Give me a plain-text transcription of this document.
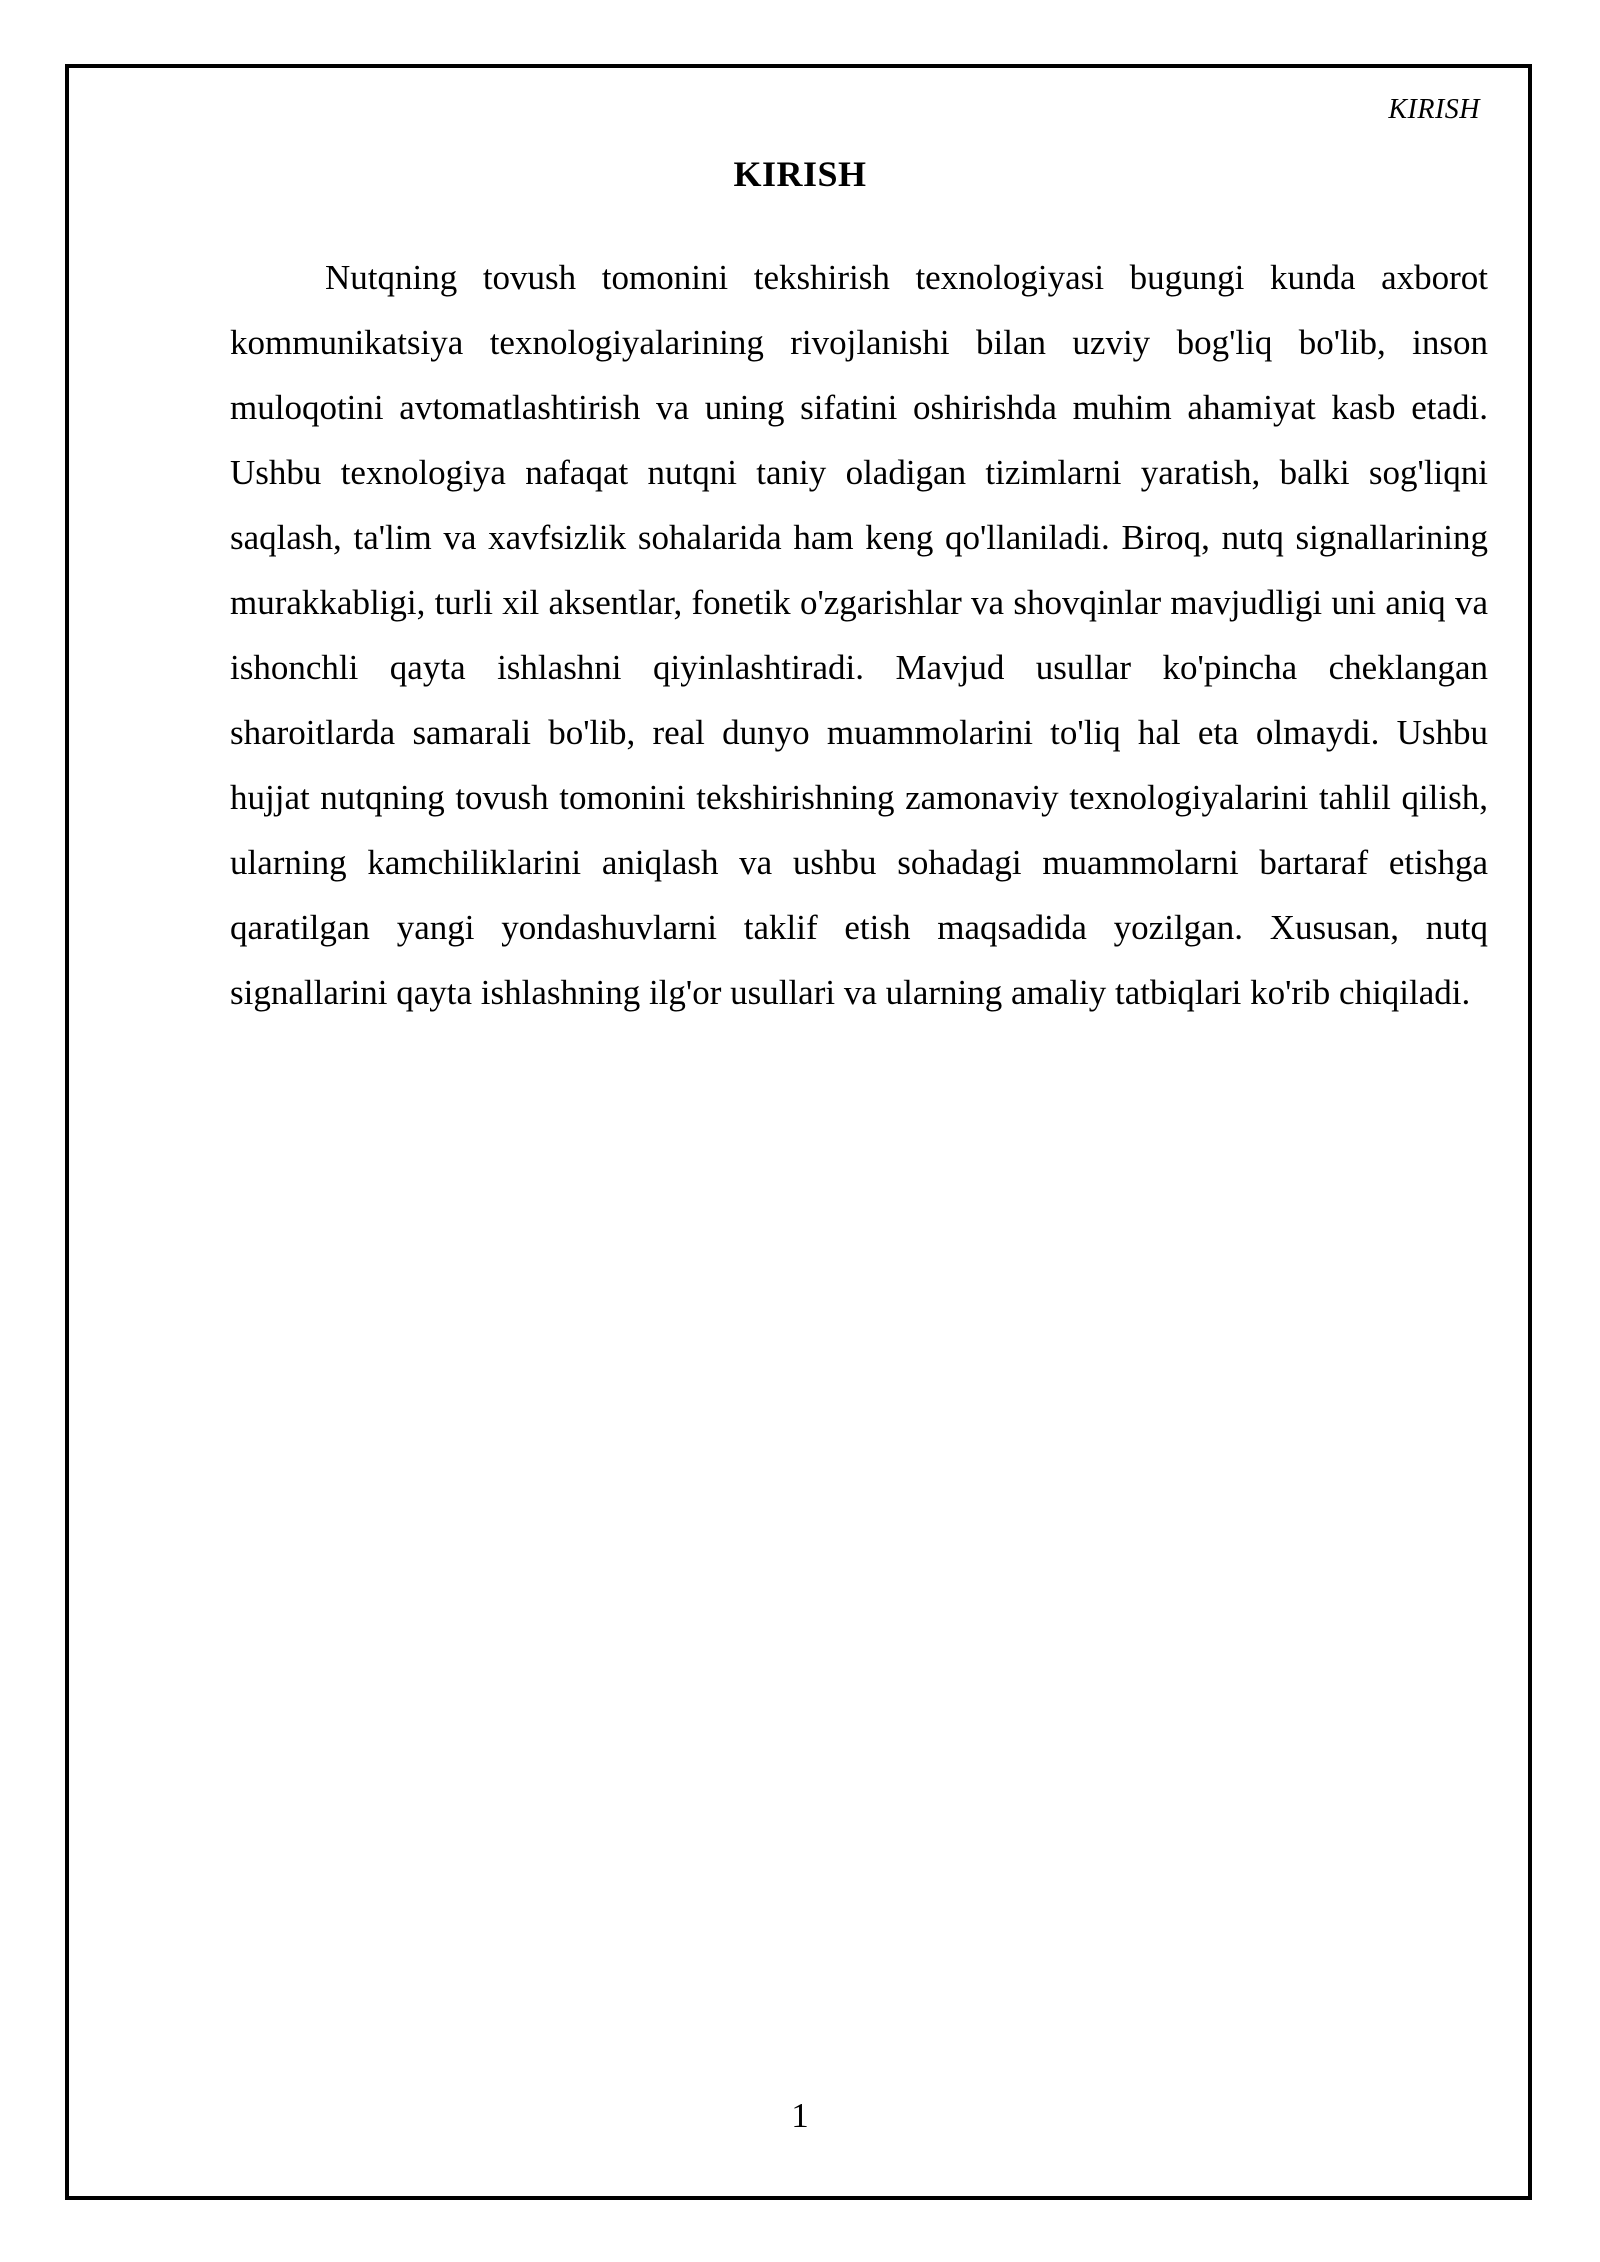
KIRISH
KIRISH

Nutqning tovush tomonini tekshirish texnologiyasi bugungi kunda axborot kommunikatsiya texnologiyalarining rivojlanishi bilan uzviy bog'liq bo'lib, inson muloqotini avtomatlashtirish va uning sifatini oshirishda muhim ahamiyat kasb etadi. Ushbu texnologiya nafaqat nutqni taniy oladigan tizimlarni yaratish, balki sog'liqni saqlash, ta'lim va xavfsizlik sohalarida ham keng qo'llaniladi. Biroq, nutq signallarining murakkabligi, turli xil aksentlar, fonetik o'zgarishlar va shovqinlar mavjudligi uni aniq va ishonchli qayta ishlashni qiyinlashtiradi. Mavjud usullar ko'pincha cheklangan sharoitlarda samarali bo'lib, real dunyo muammolarini to'liq hal eta olmaydi. Ushbu hujjat nutqning tovush tomonini tekshirishning zamonaviy texnologiyalarini tahlil qilish, ularning kamchiliklarini aniqlash va ushbu sohadagi muammolarni bartaraf etishga qaratilgan yangi yondashuvlarni taklif etish maqsadida yozilgan. Xususan, nutq signallarini qayta ishlashning ilg'or usullari va ularning amaliy tatbiqlari ko'rib chiqiladi.

1
